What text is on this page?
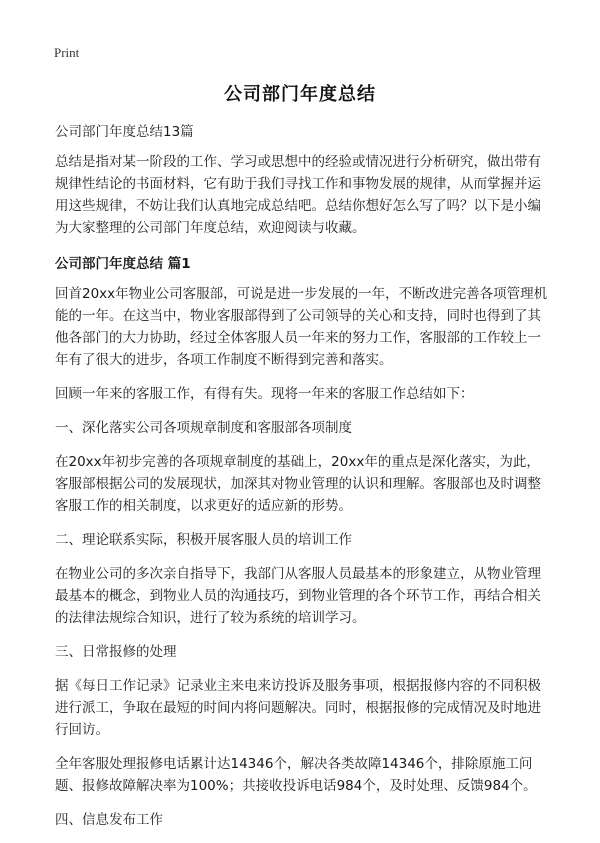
Print
公司部门年度总结

公司部门年度总结13篇

总结是指对某一阶段的工作、学习或思想中的经验或情况进行分析研究，做出带有规律性结论的书面材料，它有助于我们寻找工作和事物发展的规律，从而掌握并运用这些规律，不妨让我们认真地完成总结吧。总结你想好怎么写了吗？以下是小编为大家整理的公司部门年度总结，欢迎阅读与收藏。

公司部门年度总结 篇1

回首20xx年物业公司客服部，可说是进一步发展的一年，不断改进完善各项管理机能的一年。在这当中，物业客服部得到了公司领导的关心和支持，同时也得到了其他各部门的大力协助，经过全体客服人员一年来的努力工作，客服部的工作较上一年有了很大的进步，各项工作制度不断得到完善和落实。

回顾一年来的客服工作，有得有失。现将一年来的客服工作总结如下：

一、深化落实公司各项规章制度和客服部各项制度

在20xx年初步完善的各项规章制度的基础上，20xx年的重点是深化落实，为此，客服部根据公司的发展现状，加深其对物业管理的认识和理解。客服部也及时调整客服工作的相关制度，以求更好的适应新的形势。

二、理论联系实际，积极开展客服人员的培训工作

在物业公司的多次亲自指导下，我部门从客服人员最基本的形象建立，从物业管理最基本的概念，到物业人员的沟通技巧，到物业管理的各个环节工作，再结合相关的法律法规综合知识，进行了较为系统的培训学习。

三、日常报修的处理

据《每日工作记录》记录业主来电来访投诉及服务事项，根据报修内容的不同积极进行派工，争取在最短的时间内将问题解决。同时，根据报修的完成情况及时地进行回访。

全年客服处理报修电话累计达14346个，解决各类故障14346个，排除原施工问题、报修故障解决率为100%；共接收投诉电话984个，及时处理、反馈984个。

四、信息发布工作
